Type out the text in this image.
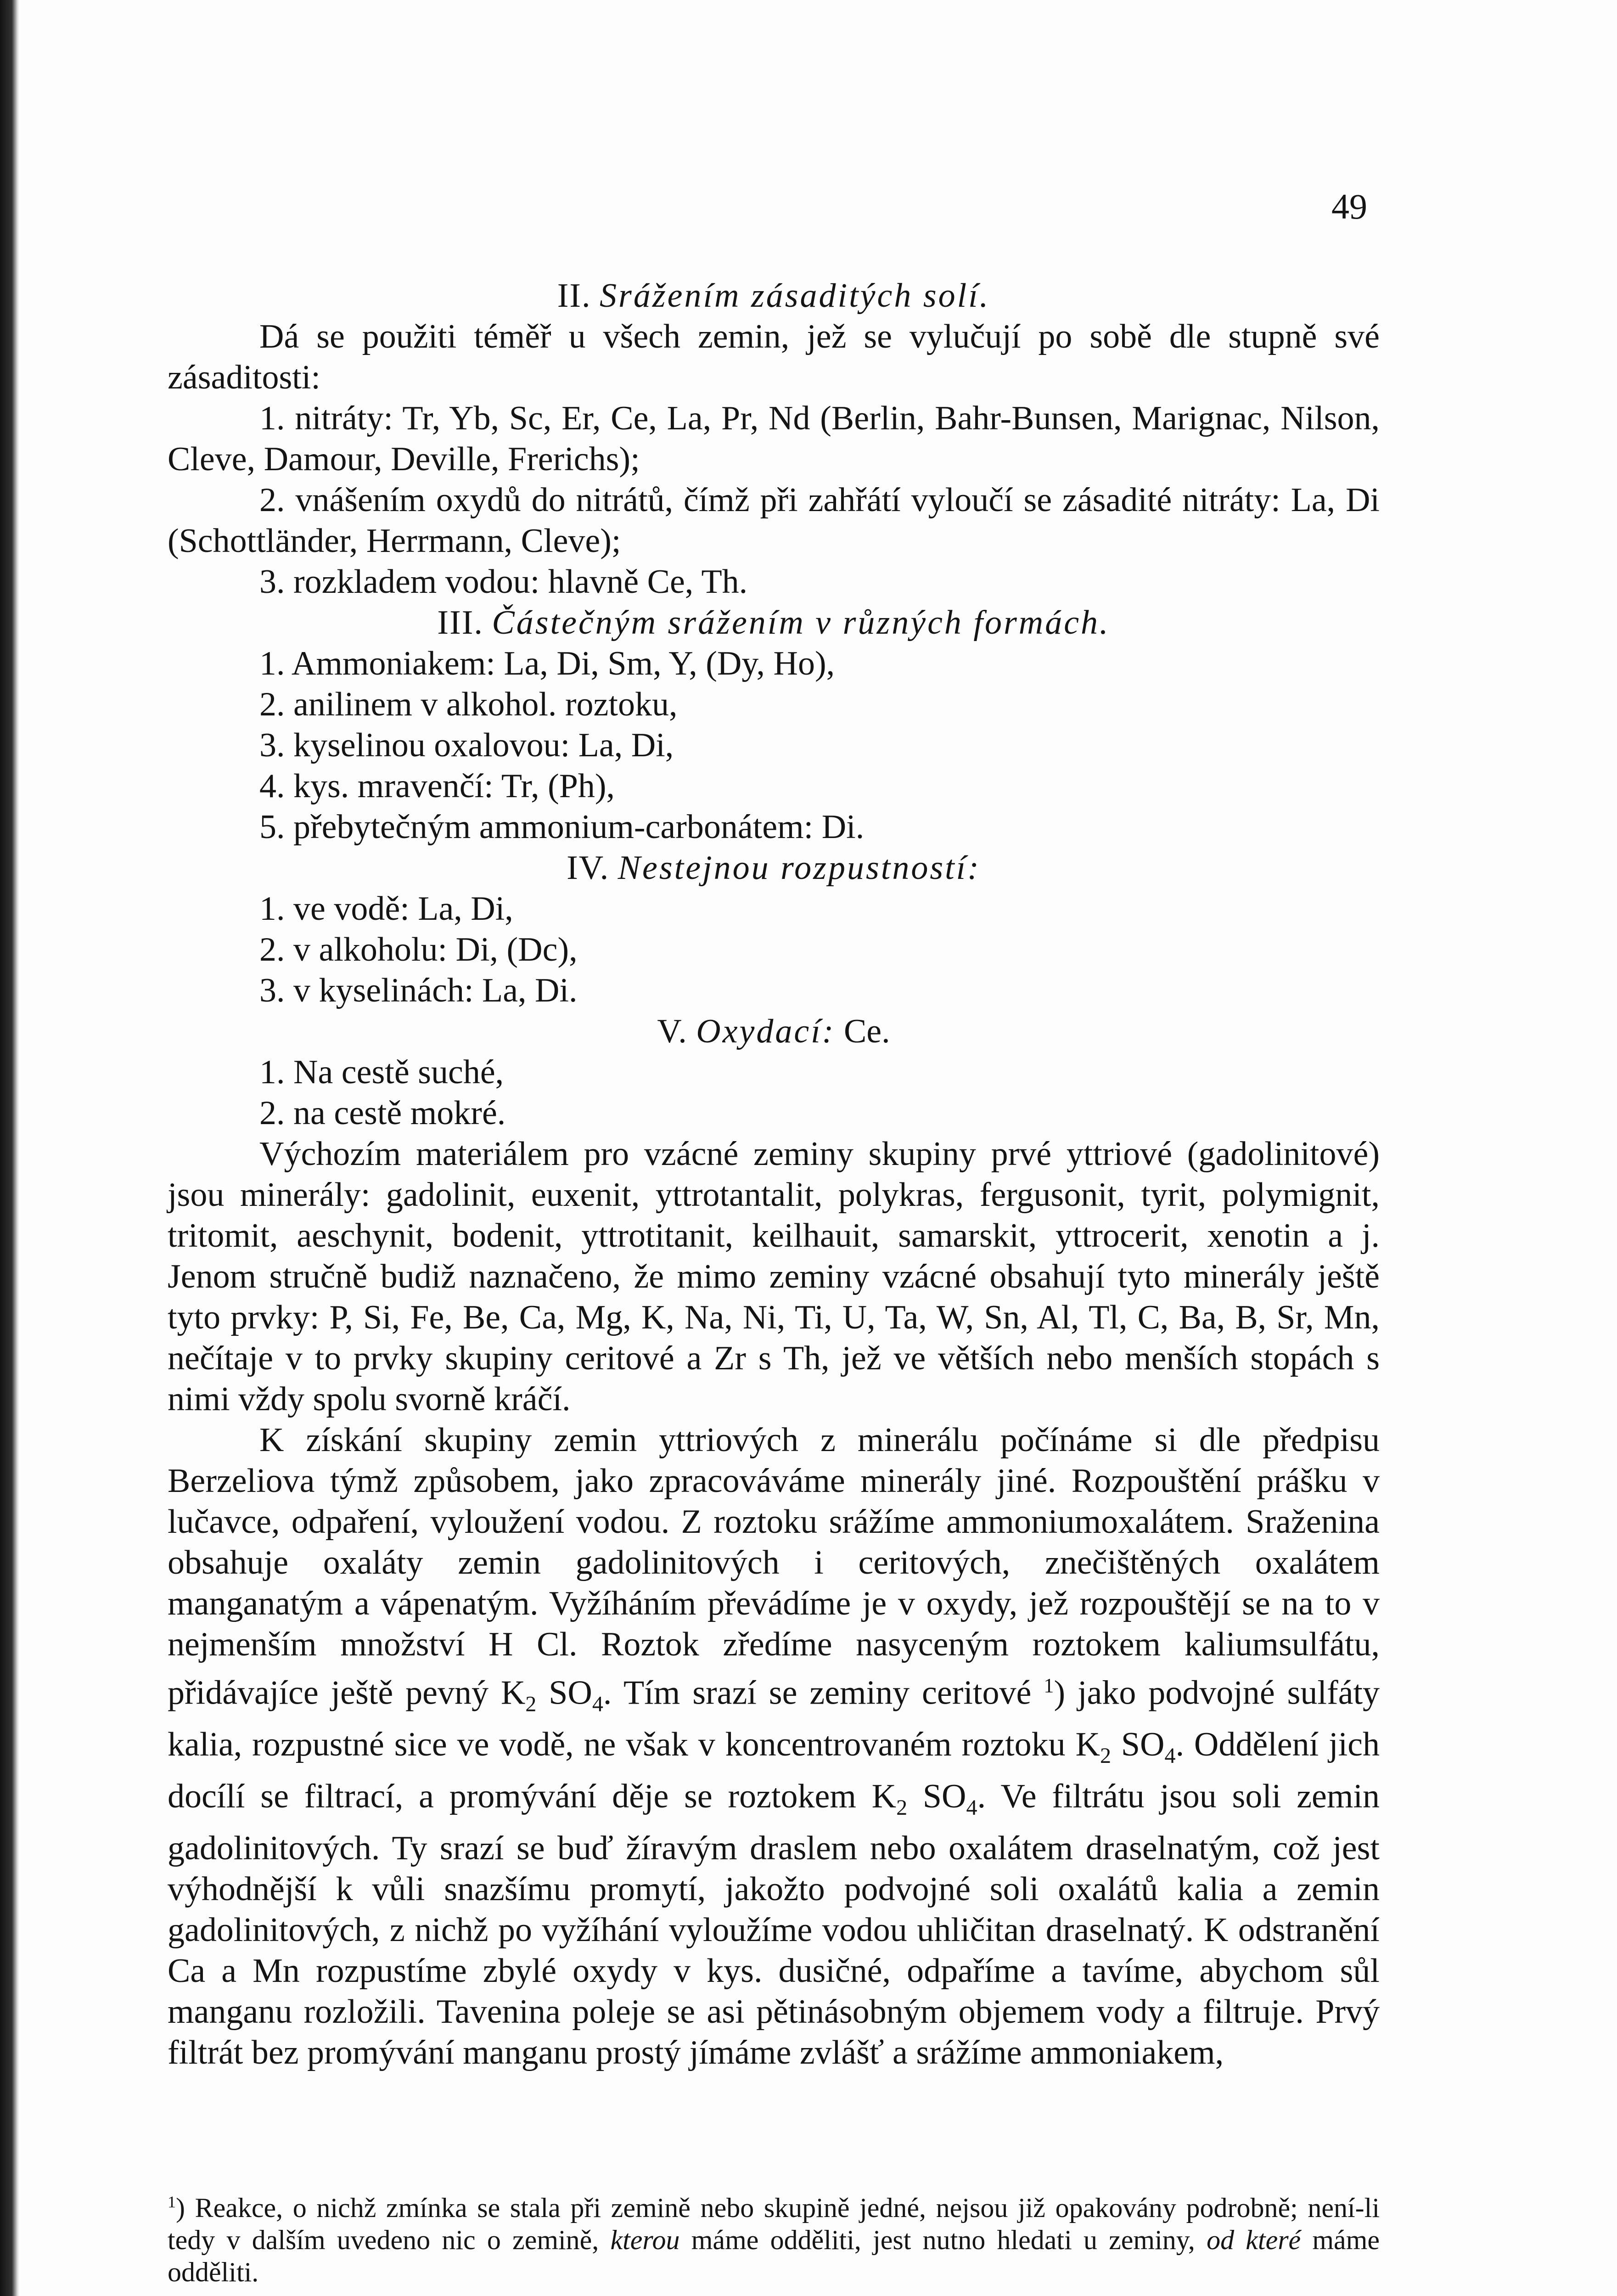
49

II. Srážením zásaditých solí.

Dá se použiti téměř u všech zemin, jež se vylučují po sobě dle stupně své zásaditosti:

1. nitráty: Tr, Yb, Sc, Er, Ce, La, Pr, Nd (Berlin, Bahr-Bunsen, Marignac, Nilson, Cleve, Damour, Deville, Frerichs);

2. vnášením oxydů do nitrátů, čímž při zahřátí vyloučí se zásadité nitráty: La, Di (Schottländer, Herrmann, Cleve);

3. rozkladem vodou: hlavně Ce, Th.

III. Částečným srážením v různých formách.

1. Ammoniakem: La, Di, Sm, Y, (Dy, Ho),

2. anilinem v alkohol. roztoku,

3. kyselinou oxalovou: La, Di,

4. kys. mravenčí: Tr, (Ph),

5. přebytečným ammonium-carbonátem: Di.

IV. Nestejnou rozpustností:

1. ve vodě: La, Di,

2. v alkoholu: Di, (Dc),

3. v kyselinách: La, Di.

V. Oxydací: Ce.

1. Na cestě suché,

2. na cestě mokré.

Výchozím materiálem pro vzácné zeminy skupiny prvé yttriové (gadolinitové) jsou minerály: gadolinit, euxenit, yttrotantalit, polykras, fergusonit, tyrit, polymignit, tritomit, aeschynit, bodenit, yttrotitanit, keilhauit, samarskit, yttrocerit, xenotin a j. Jenom stručně budiž naznačeno, že mimo zeminy vzácné obsahují tyto minerály ještě tyto prvky: P, Si, Fe, Be, Ca, Mg, K, Na, Ni, Ti, U, Ta, W, Sn, Al, Tl, C, Ba, B, Sr, Mn, nečítaje v to prvky skupiny ceritové a Zr s Th, jež ve větších nebo menších stopách s nimi vždy spolu svorně kráčí.

K získání skupiny zemin yttriových z minerálu počínáme si dle předpisu Berzeliova týmž způsobem, jako zpracováváme minerály jiné. Rozpouštění prášku v lučavce, odpaření, vyloužení vodou. Z roztoku srážíme ammoniumoxalátem. Sraženina obsahuje oxaláty zemin gadolinitových i ceritových, znečištěných oxalátem manganatým a vápenatým. Vyžíháním převádíme je v oxydy, jež rozpouštějí se na to v nejmenším množství H Cl. Roztok zředíme nasyceným roztokem kaliumsulfátu, přidávajíce ještě pevný $K_2$ $SO_4$. Tím srazí se zeminy ceritové $^1$) jako podvojné sulfáty kalia, rozpustné sice ve vodě, ne však v koncentrovaném roztoku $K_2$ $SO_4$. Oddělení jich docílí se filtrací, a promývání děje se roztokem $K_2$ $SO_4$. Ve filtrátu jsou soli zemin gadolinitových. Ty srazí se buď žíravým draslem nebo oxalátem draselnatým, což jest výhodnější k vůli snazšímu promytí, jakožto podvojné soli oxalátů kalia a zemin gadolinitových, z nichž po vyžíhání vyloužíme vodou uhličitan draselnatý. K odstranění Ca a Mn rozpustíme zbylé oxydy v kys. dusičné, odpaříme a tavíme, abychom sůl manganu rozložili. Tavenina poleje se asi pětinásobným objemem vody a filtruje. Prvý filtrát bez promývání manganu prostý jímáme zvlášť a srážíme ammoniakem,

$^1$) Reakce, o nichž zmínka se stala při zemině nebo skupině jedné, nejsou již opakovány podrobně; není-li tedy v dalším uvedeno nic o zemině, kterou máme odděliti, jest nutno hledati u zeminy, od které máme odděliti.
